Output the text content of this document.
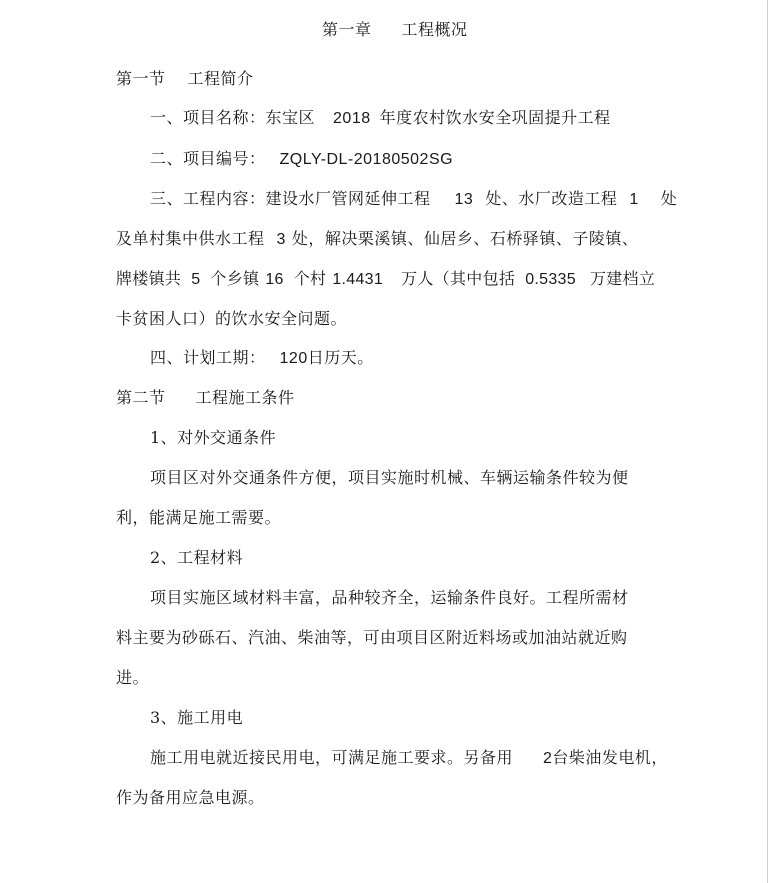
第一章 工程概况
第一节 工程简介
一、项目名称：东宝区 2018 年度农村饮水安全巩固提升工程
二、项目编号： ZQLY-DL-20180502SG
三、工程内容：建设水厂管网延伸工程 13 处、水厂改造工程 1 处
及单村集中供水工程 3 处，解决栗溪镇、仙居乡、石桥驿镇、子陵镇、
牌楼镇共 5 个乡镇 16 个村 1.4431 万人（其中包括 0.5335 万建档立
卡贫困人口）的饮水安全问题。
四、计划工期： 120日历天。
第二节 工程施工条件
1、对外交通条件
项目区对外交通条件方便，项目实施时机械、车辆运输条件较为便
利，能满足施工需要。
2、工程材料
项目实施区域材料丰富，品种较齐全，运输条件良好。工程所需材
料主要为砂砾石、汽油、柴油等，可由项目区附近料场或加油站就近购
进。
3、施工用电
施工用电就近接民用电，可满足施工要求。另备用 2台柴油发电机，
作为备用应急电源。
